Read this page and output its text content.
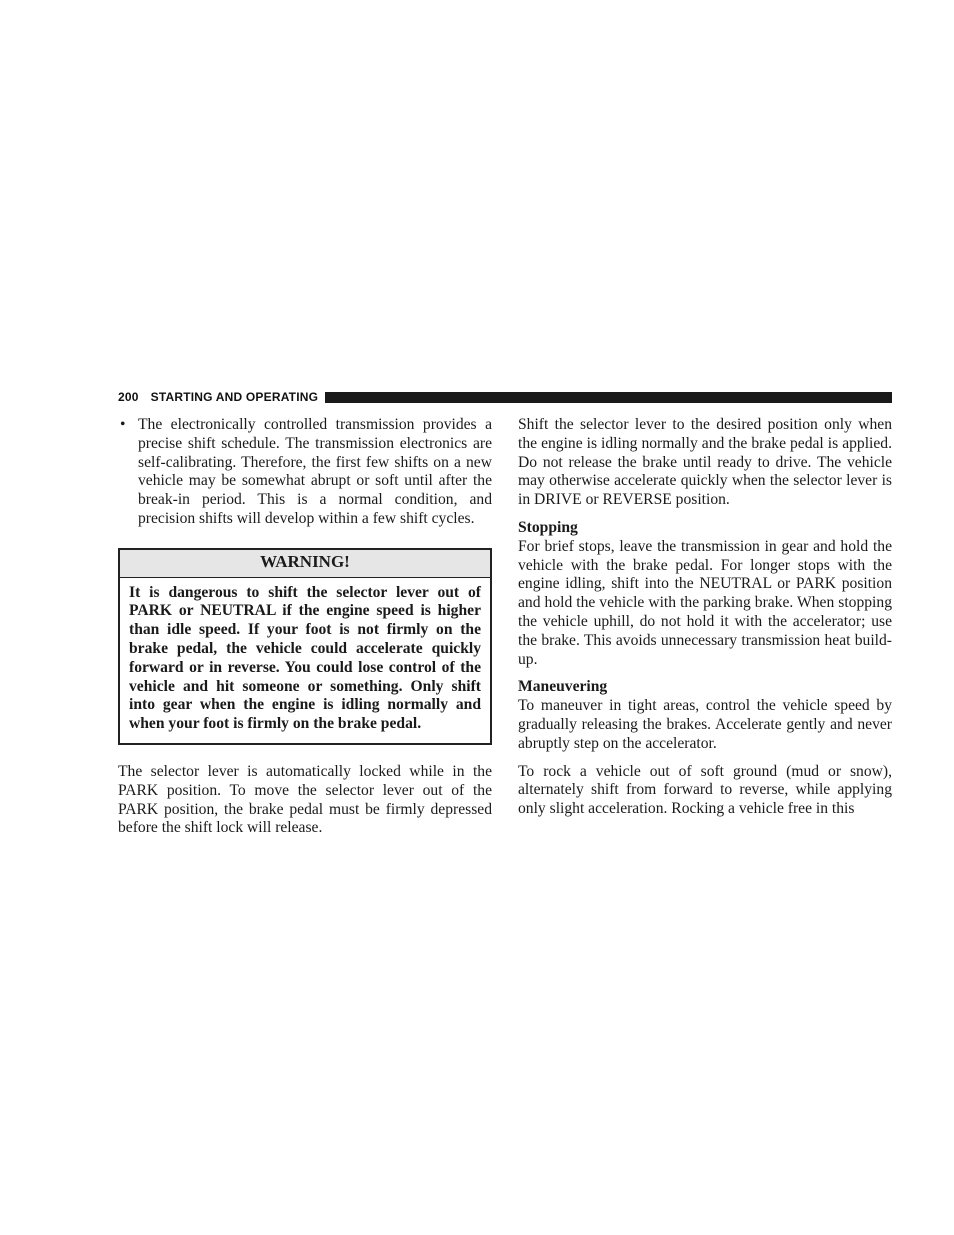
200 STARTING AND OPERATING
• The electronically controlled transmission provides a precise shift schedule. The transmission electronics are self-calibrating. Therefore, the first few shifts on a new vehicle may be somewhat abrupt or soft until after the break-in period. This is a normal condition, and precision shifts will develop within a few shift cycles.

WARNING!
It is dangerous to shift the selector lever out of PARK or NEUTRAL if the engine speed is higher than idle speed. If your foot is not firmly on the brake pedal, the vehicle could accelerate quickly forward or in reverse. You could lose control of the vehicle and hit someone or something. Only shift into gear when the engine is idling normally and when your foot is firmly on the brake pedal.

The selector lever is automatically locked while in the PARK position. To move the selector lever out of the PARK position, the brake pedal must be firmly depressed before the shift lock will release.

Shift the selector lever to the desired position only when the engine is idling normally and the brake pedal is applied. Do not release the brake until ready to drive. The vehicle may otherwise accelerate quickly when the selector lever is in DRIVE or REVERSE position.

Stopping

For brief stops, leave the transmission in gear and hold the vehicle with the brake pedal. For longer stops with the engine idling, shift into the NEUTRAL or PARK position and hold the vehicle with the parking brake. When stopping the vehicle uphill, do not hold it with the accelerator; use the brake. This avoids unnecessary transmission heat build-up.

Maneuvering

To maneuver in tight areas, control the vehicle speed by gradually releasing the brakes. Accelerate gently and never abruptly step on the accelerator.

To rock a vehicle out of soft ground (mud or snow), alternately shift from forward to reverse, while applying only slight acceleration. Rocking a vehicle free in this
